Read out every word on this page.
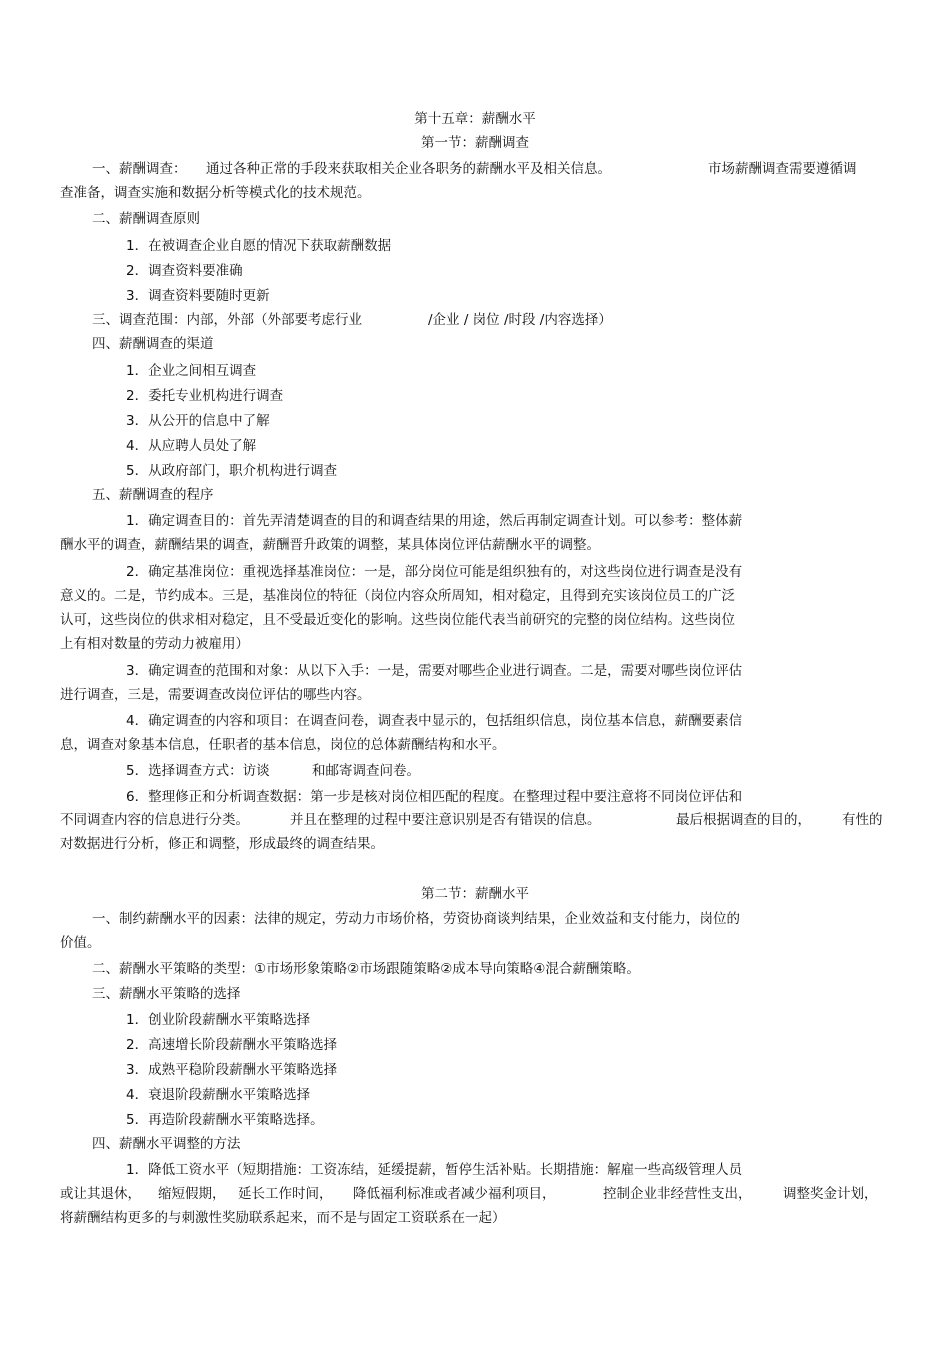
第十五章：薪酬水平
第一节：薪酬调查
一、薪酬调查： 通过各种正常的手段来获取相关企业各职务的薪酬水平及相关信息。	市场薪酬调查需要遵循调
查准备，调查实施和数据分析等模式化的技术规范。
二、薪酬调查原则
1．在被调查企业自愿的情况下获取薪酬数据
2．调查资料要准确
3．调查资料要随时更新
三、调查范围：内部，外部（外部要考虑行业	/企业 / 岗位 /时段 /内容选择）
四、薪酬调查的渠道
1．企业之间相互调查
2．委托专业机构进行调查
3．从公开的信息中了解
4．从应聘人员处了解
5．从政府部门，职介机构进行调查
五、薪酬调查的程序
1．确定调查目的：首先弄清楚调查的目的和调查结果的用途，然后再制定调查计划。可以参考：整体薪
酬水平的调查，薪酬结果的调查，薪酬晋升政策的调整，某具体岗位评估薪酬水平的调整。
2．确定基准岗位：重视选择基准岗位：一是，部分岗位可能是组织独有的，对这些岗位进行调查是没有
意义的。二是，节约成本。三是，基准岗位的特征（岗位内容众所周知，相对稳定，且得到充实该岗位员工的广泛
认可，这些岗位的供求相对稳定，且不受最近变化的影响。这些岗位能代表当前研究的完整的岗位结构。这些岗位
上有相对数量的劳动力被雇用）
3．确定调查的范围和对象：从以下入手：一是，需要对哪些企业进行调查。二是，需要对哪些岗位评估
进行调查，三是，需要调查改岗位评估的哪些内容。
4．确定调查的内容和项目：在调查问卷，调查表中显示的，包括组织信息，岗位基本信息，薪酬要素信
息，调查对象基本信息，任职者的基本信息，岗位的总体薪酬结构和水平。
5．选择调查方式：访谈	和邮寄调查问卷。
6．整理修正和分析调查数据：第一步是核对岗位相匹配的程度。在整理过程中要注意将不同岗位评估和
不同调查内容的信息进行分类。	并且在整理的过程中要注意识别是否有错误的信息。	最后根据调查的目的， 有性的
对数据进行分析，修正和调整，形成最终的调查结果。
第二节：薪酬水平
一、制约薪酬水平的因素：法律的规定，劳动力市场价格，劳资协商谈判结果，企业效益和支付能力，岗位的
价值。
二、薪酬水平策略的类型：①市场形象策略②市场跟随策略②成本导向策略④混合薪酬策略。
三、薪酬水平策略的选择
1．创业阶段薪酬水平策略选择
2．高速增长阶段薪酬水平策略选择
3．成熟平稳阶段薪酬水平策略选择
4．衰退阶段薪酬水平策略选择
5．再造阶段薪酬水平策略选择。
四、薪酬水平调整的方法
1．降低工资水平（短期措施：工资冻结，延缓提薪，暂停生活补贴。长期措施：解雇一些高级管理人员
或让其退休， 缩短假期， 延长工作时间， 降低福利标准或者减少福利项目，	控制企业非经营性支出， 调整奖金计划，
将薪酬结构更多的与刺激性奖励联系起来，而不是与固定工资联系在一起）
